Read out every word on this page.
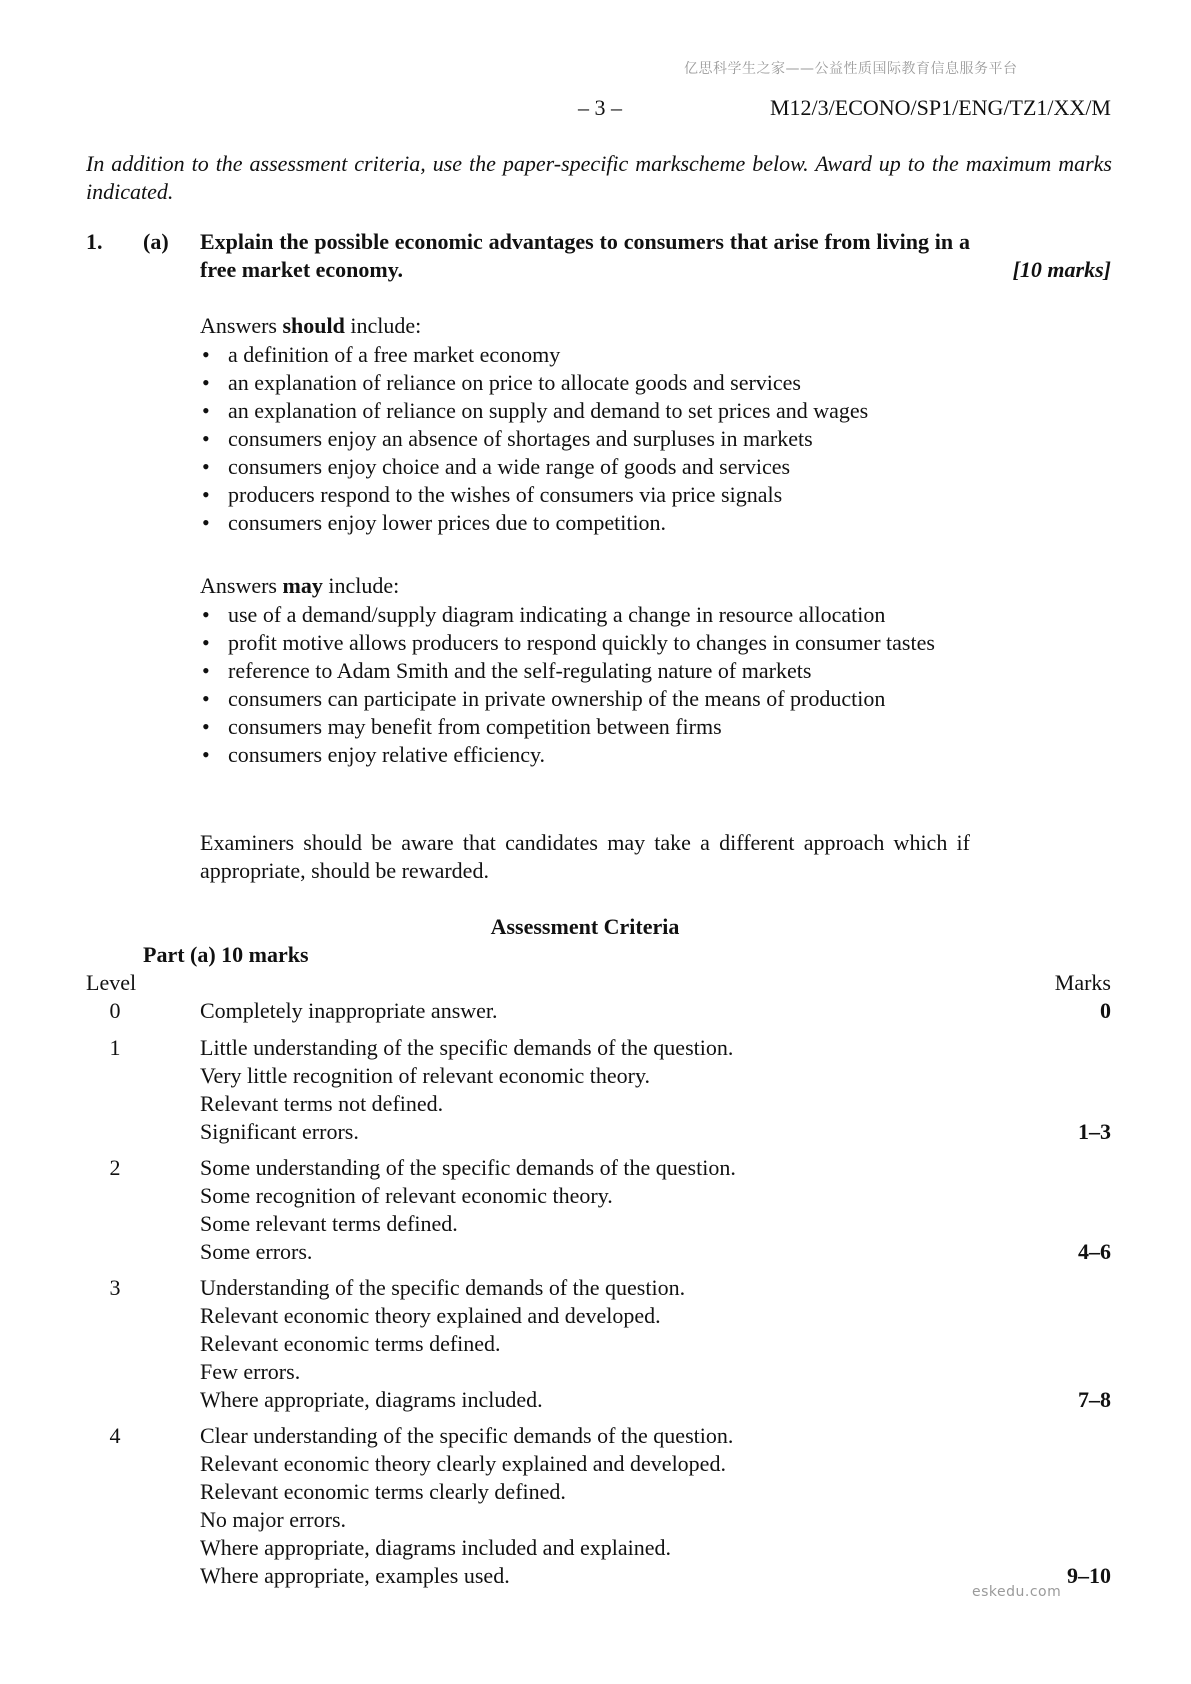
亿思科学生之家——公益性质国际教育信息服务平台
– 3 –	M12/3/ECONO/SP1/ENG/TZ1/XX/M
In addition to the assessment criteria, use the paper-specific markscheme below. Award up to the maximum marks indicated.
1. (a) Explain the possible economic advantages to consumers that arise from living in a free market economy.	[10 marks]
Answers should include:
• a definition of a free market economy
• an explanation of reliance on price to allocate goods and services
• an explanation of reliance on supply and demand to set prices and wages
• consumers enjoy an absence of shortages and surpluses in markets
• consumers enjoy choice and a wide range of goods and services
• producers respond to the wishes of consumers via price signals
• consumers enjoy lower prices due to competition.
Answers may include:
• use of a demand/supply diagram indicating a change in resource allocation
• profit motive allows producers to respond quickly to changes in consumer tastes
• reference to Adam Smith and the self-regulating nature of markets
• consumers can participate in private ownership of the means of production
• consumers may benefit from competition between firms
• consumers enjoy relative efficiency.
Examiners should be aware that candidates may take a different approach which if appropriate, should be rewarded.
Assessment Criteria
Part (a) 10 marks
Level	Marks
0	Completely inappropriate answer.	0
1	Little understanding of the specific demands of the question.
Very little recognition of relevant economic theory.
Relevant terms not defined.
Significant errors.	1–3
2	Some understanding of the specific demands of the question.
Some recognition of relevant economic theory.
Some relevant terms defined.
Some errors.	4–6
3	Understanding of the specific demands of the question.
Relevant economic theory explained and developed.
Relevant economic terms defined.
Few errors.
Where appropriate, diagrams included.	7–8
4	Clear understanding of the specific demands of the question.
Relevant economic theory clearly explained and developed.
Relevant economic terms clearly defined.
No major errors.
Where appropriate, diagrams included and explained.
Where appropriate, examples used.	9–10
eskedu.com
